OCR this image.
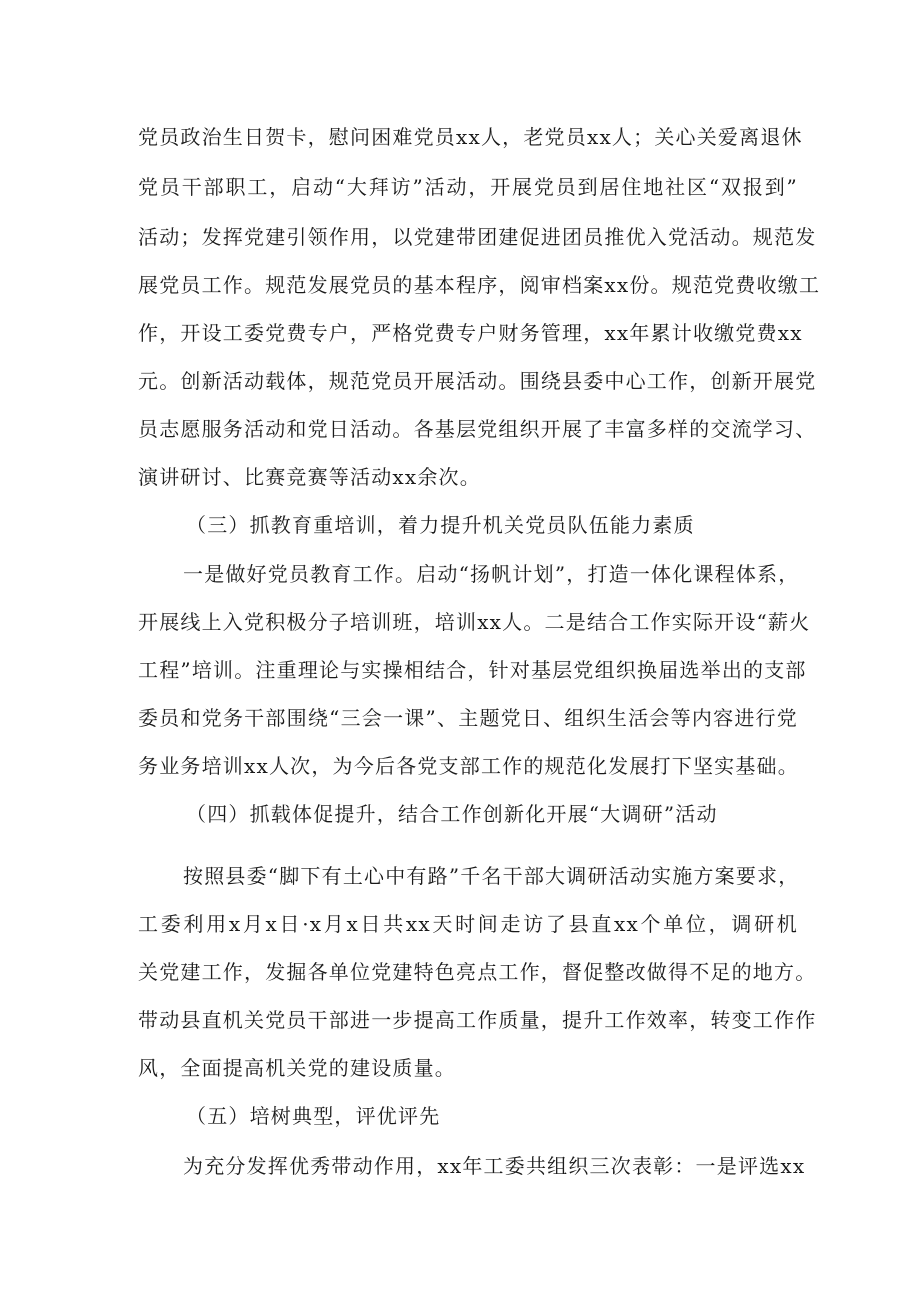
党员政治生日贺卡，慰问困难党员xx人，老党员xx人；关心关爱离退休
党员干部职工，启动“大拜访”活动，开展党员到居住地社区“双报到”
活动；发挥党建引领作用，以党建带团建促进团员推优入党活动。规范发
展党员工作。规范发展党员的基本程序，阅审档案xx份。规范党费收缴工
作，开设工委党费专户，严格党费专户财务管理，xx年累计收缴党费xx
元。创新活动载体，规范党员开展活动。围绕县委中心工作，创新开展党
员志愿服务活动和党日活动。各基层党组织开展了丰富多样的交流学习、
演讲研讨、比赛竞赛等活动xx余次。
（三）抓教育重培训，着力提升机关党员队伍能力素质
一是做好党员教育工作。启动“扬帆计划”，打造一体化课程体系，
开展线上入党积极分子培训班，培训xx人。二是结合工作实际开设“薪火
工程”培训。注重理论与实操相结合，针对基层党组织换届选举出的支部
委员和党务干部围绕“三会一课”、主题党日、组织生活会等内容进行党
务业务培训xx人次，为今后各党支部工作的规范化发展打下坚实基础。
（四）抓载体促提升，结合工作创新化开展“大调研”活动
按照县委“脚下有土心中有路”千名干部大调研活动实施方案要求，
工委利用x月x日·x月x日共xx天时间走访了县直xx个单位，调研机
关党建工作，发掘各单位党建特色亮点工作，督促整改做得不足的地方。
带动县直机关党员干部进一步提高工作质量，提升工作效率，转变工作作
风，全面提高机关党的建设质量。
（五）培树典型，评优评先
为充分发挥优秀带动作用，xx年工委共组织三次表彰：一是评选xx
